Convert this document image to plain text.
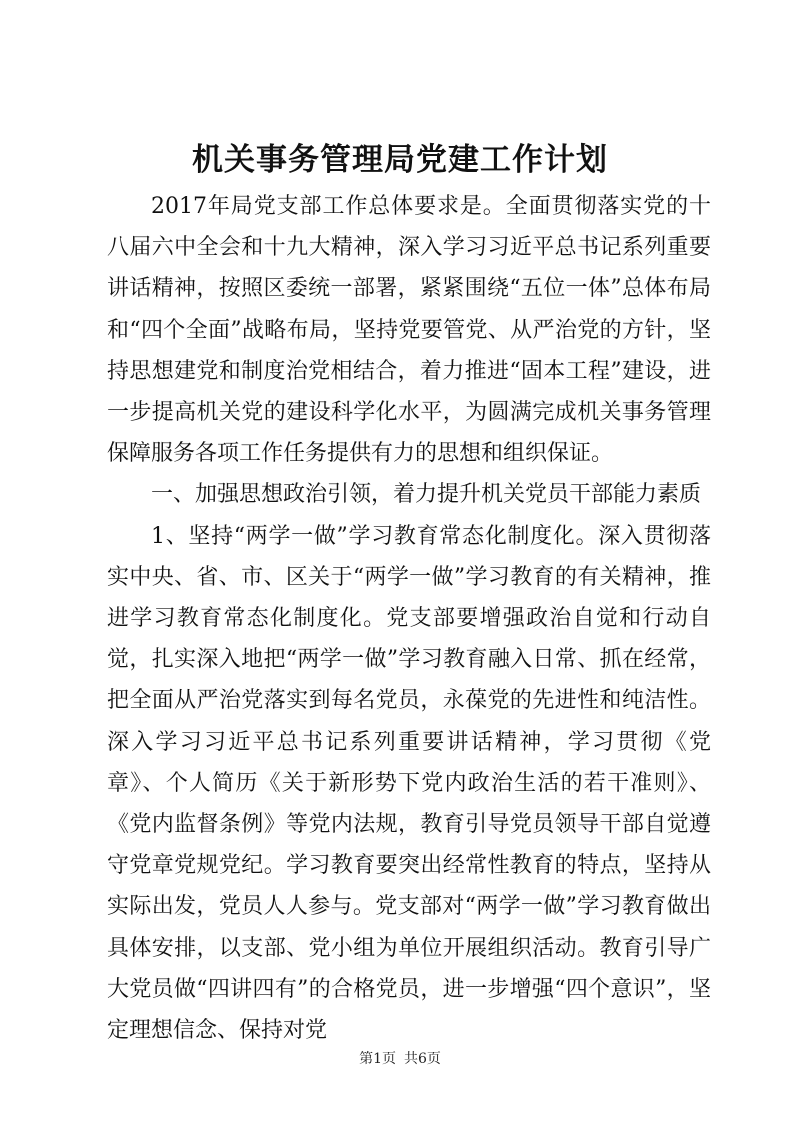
机关事务管理局党建工作计划

2017年局党支部工作总体要求是。全面贯彻落实党的十八届六中全会和十九大精神，深入学习习近平总书记系列重要讲话精神，按照区委统一部署，紧紧围绕“五位一体”总体布局和“四个全面”战略布局，坚持党要管党、从严治党的方针，坚持思想建党和制度治党相结合，着力推进“固本工程”建设，进一步提高机关党的建设科学化水平，为圆满完成机关事务管理保障服务各项工作任务提供有力的思想和组织保证。

一、加强思想政治引领，着力提升机关党员干部能力素质

1、坚持“两学一做”学习教育常态化制度化。深入贯彻落实中央、省、市、区关于“两学一做”学习教育的有关精神，推进学习教育常态化制度化。党支部要增强政治自觉和行动自觉，扎实深入地把“两学一做”学习教育融入日常、抓在经常，把全面从严治党落实到每名党员，永葆党的先进性和纯洁性。深入学习习近平总书记系列重要讲话精神，学习贯彻《党章》、个人简历《关于新形势下党内政治生活的若干准则》、《党内监督条例》等党内法规，教育引导党员领导干部自觉遵守党章党规党纪。学习教育要突出经常性教育的特点，坚持从实际出发，党员人人参与。党支部对“两学一做”学习教育做出具体安排，以支部、党小组为单位开展组织活动。教育引导广大党员做“四讲四有”的合格党员，进一步增强“四个意识”，坚定理想信念、保持对党

第1页 共6页
